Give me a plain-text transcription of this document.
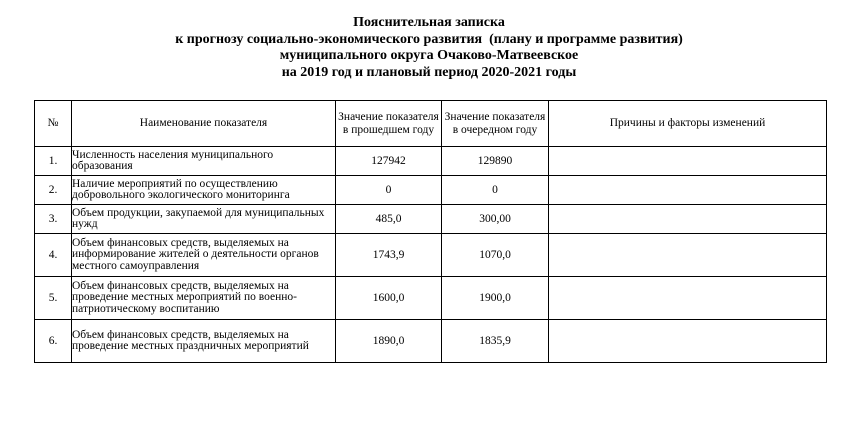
Пояснительная записка
к прогнозу социально-экономического развития  (плану и программе развития)
муниципального округа Очаково-Матвеевское
на 2019 год и плановый период 2020-2021 годы
№	Наименование показателя	Значение показателя в прошедшем году	Значение показателя в очередном году	Причины и факторы изменений
1.	Численность населения муниципального образования	127942	129890	
2.	Наличие мероприятий по осуществлению добровольного экологического мониторинга	0	0	
3.	Объем продукции, закупаемой для муниципальных нужд	485,0	300,00	
4.	Объем финансовых средств, выделяемых на информирование жителей о деятельности органов местного самоуправления	1743,9	1070,0	
5.	Объем финансовых средств, выделяемых на проведение местных мероприятий по военно-патриотическому воспитанию	1600,0	1900,0	
6.	Объем финансовых средств, выделяемых на проведение местных праздничных мероприятий	1890,0	1835,9	
